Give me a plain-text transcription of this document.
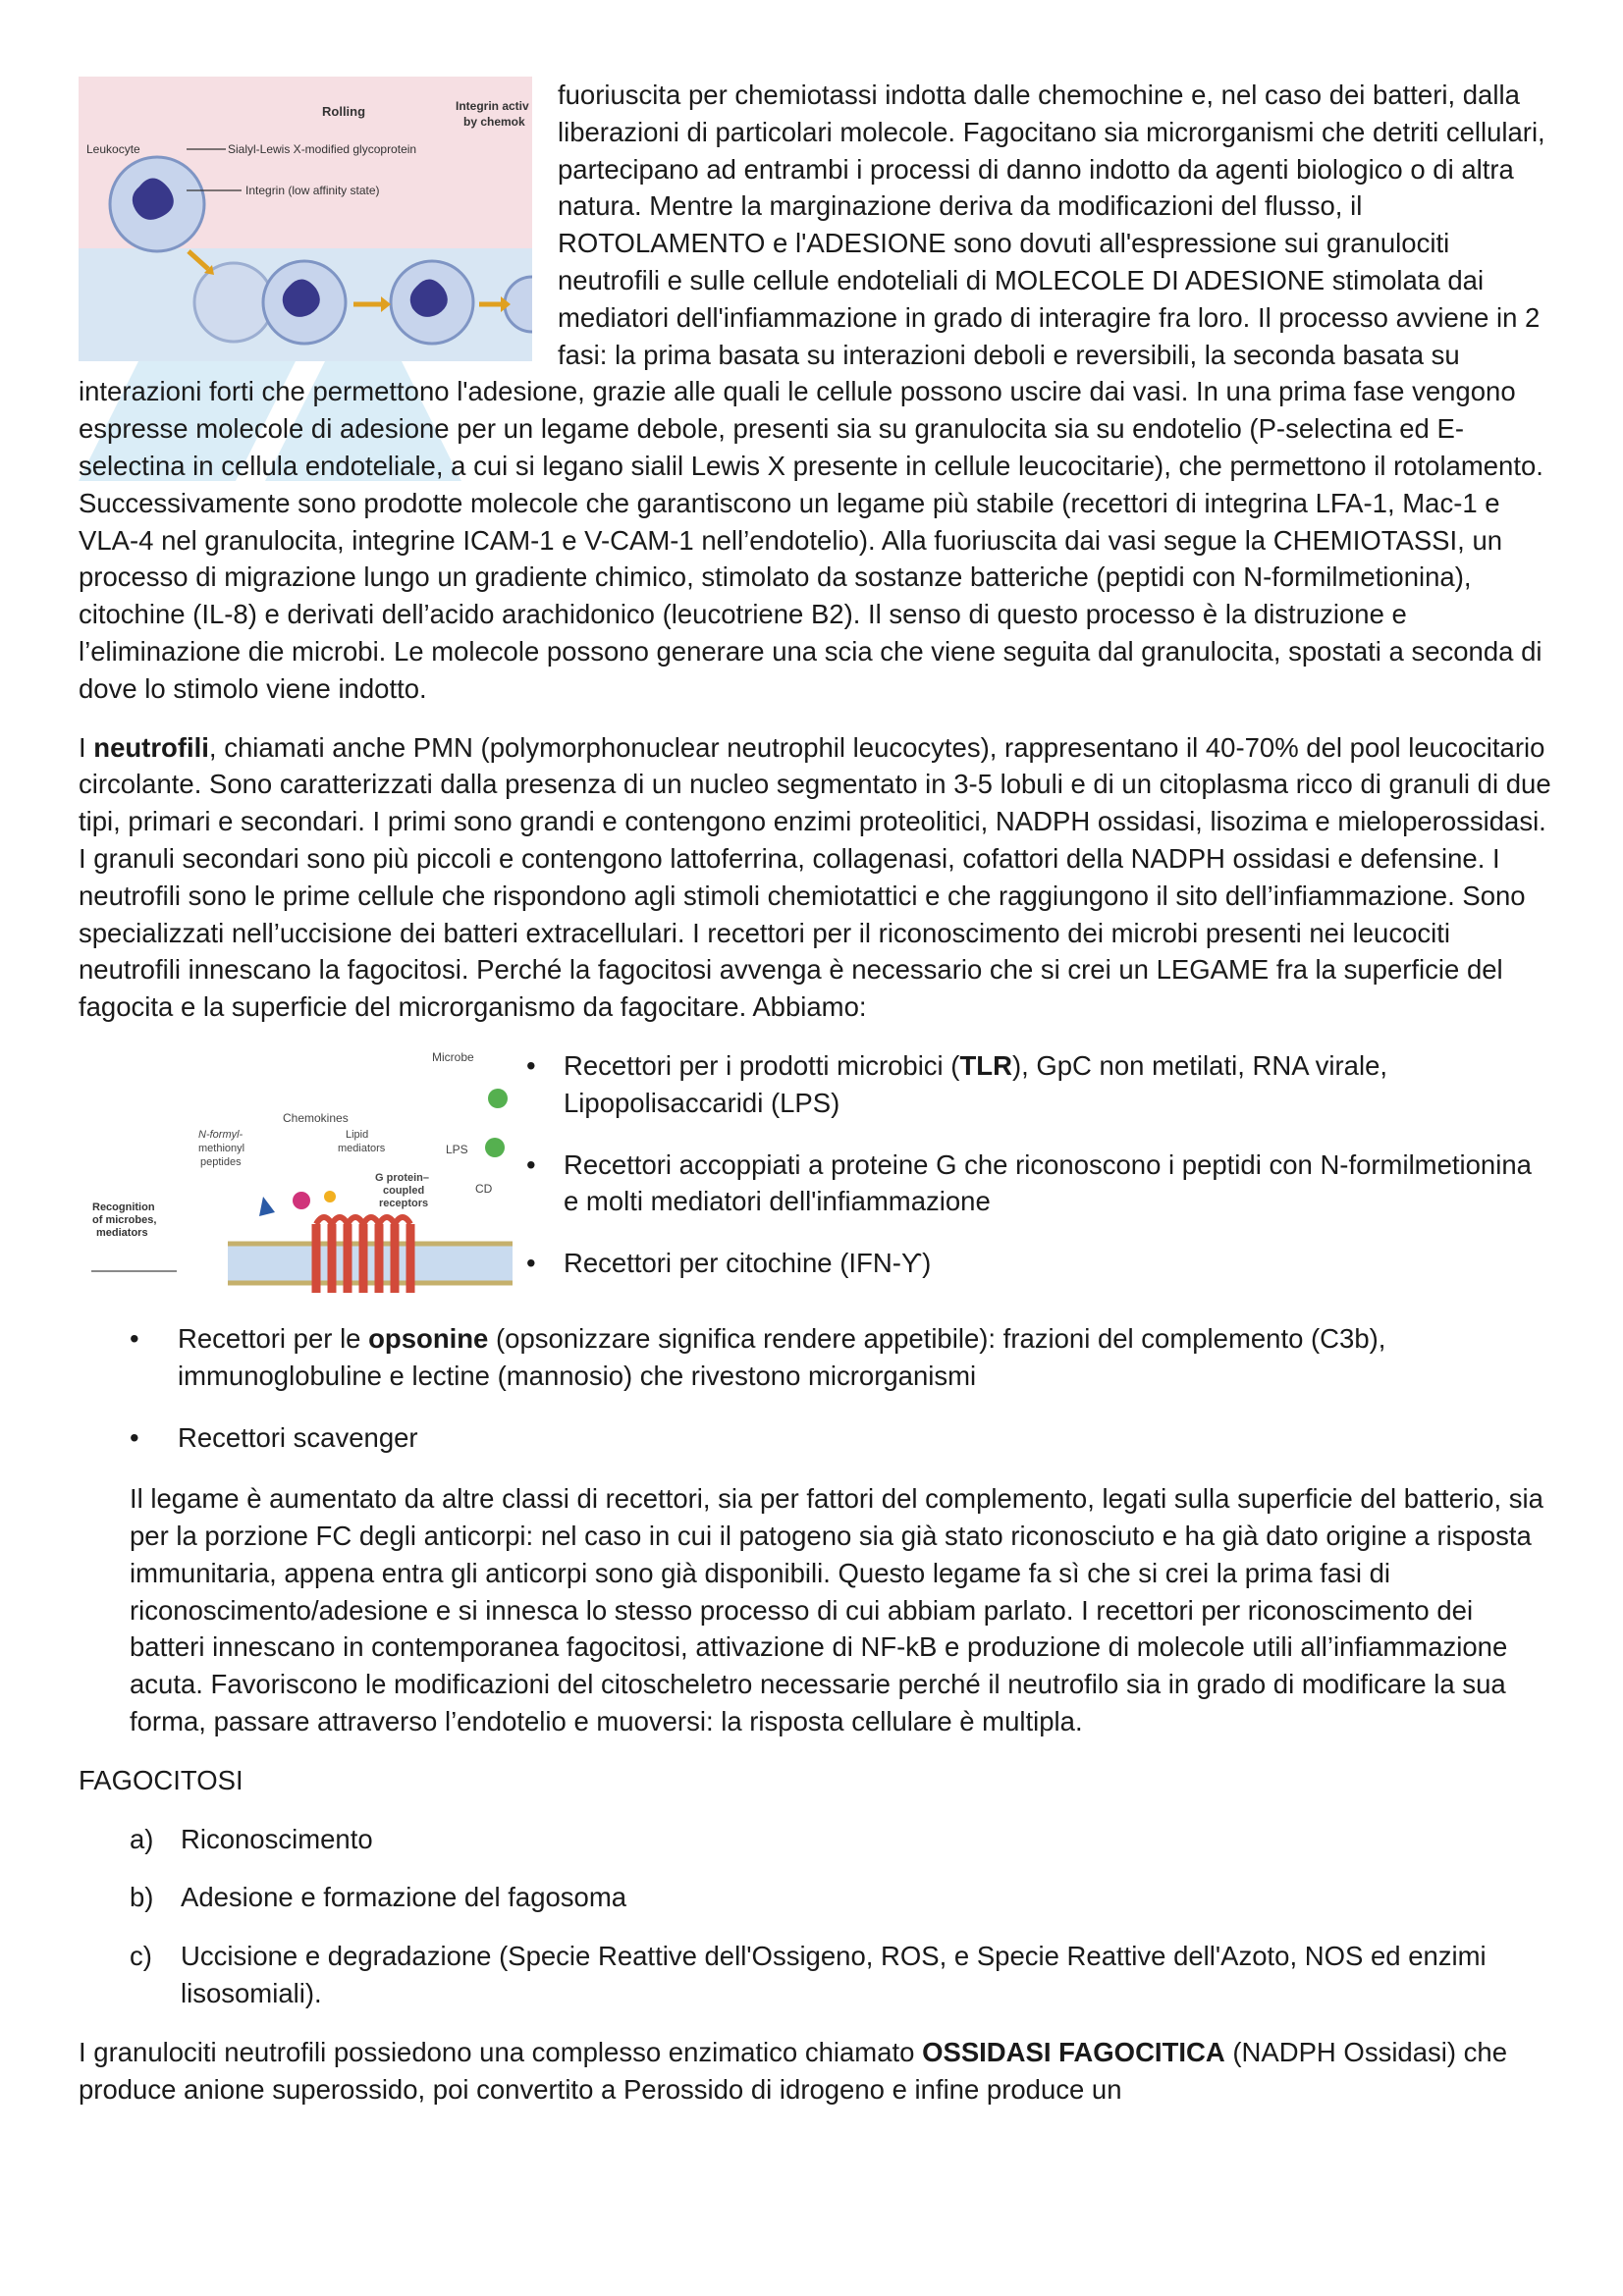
Rolling	Integrin activ
by chemok
Leukocyte	Sialyl-Lewis X-modified glycoprotein
Integrin (low affinity state)

fuoriuscita per chemiotassi indotta dalle chemochine e, nel caso dei batteri, dalla liberazioni di particolari molecole. Fagocitano sia microrganismi che detriti cellulari, partecipano ad entrambi i processi di danno indotto da agenti biologico o di altra natura. Mentre la marginazione deriva da modificazioni del flusso, il ROTOLAMENTO e l'ADESIONE sono dovuti all'espressione sui granulociti neutrofili e sulle cellule endoteliali di MOLECOLE DI ADESIONE stimolata dai mediatori dell'infiammazione in grado di interagire fra loro. Il processo avviene in 2 fasi: la prima basata su interazioni deboli e reversibili, la seconda basata su interazioni forti che permettono l'adesione, grazie alle quali le cellule possono uscire dai vasi. In una prima fase vengono espresse molecole di adesione per un legame debole, presenti sia su granulocita sia su endotelio (P-selectina ed E-selectina in cellula endoteliale, a cui si legano sialil Lewis X presente in cellule leucocitarie), che permettono il rotolamento. Successivamente sono prodotte molecole che garantiscono un legame più stabile (recettori di integrina LFA-1, Mac-1 e VLA-4 nel granulocita, integrine ICAM-1 e V-CAM-1 nell’endotelio). Alla fuoriuscita dai vasi segue la CHEMIOTASSI, un processo di migrazione lungo un gradiente chimico, stimolato da sostanze batteriche (peptidi con N-formilmetionina), citochine (IL-8) e derivati dell’acido arachidonico (leucotriene B2). Il senso di questo processo è la distruzione e l’eliminazione die microbi. Le molecole possono generare una scia che viene seguita dal granulocita, spostati a seconda di dove lo stimolo viene indotto.

I neutrofili, chiamati anche PMN (polymorphonuclear neutrophil leucocytes), rappresentano il 40-70% del pool leucocitario circolante. Sono caratterizzati dalla presenza di un nucleo segmentato in 3-5 lobuli e di un citoplasma ricco di granuli di due tipi, primari e secondari. I primi sono grandi e contengono enzimi proteolitici, NADPH ossidasi, lisozima e mieloperossidasi. I granuli secondari sono più piccoli e contengono lattoferrina, collagenasi, cofattori della NADPH ossidasi e defensine. I neutrofili sono le prime cellule che rispondono agli stimoli chemiotattici e che raggiungono il sito dell’infiammazione. Sono specializzati nell’uccisione dei batteri extracellulari. I recettori per il riconoscimento dei microbi presenti nei leucociti neutrofili innescano la fagocitosi. Perché la fagocitosi avvenga è necessario che si crei un LEGAME fra la superficie del fagocita e la superficie del microrganismo da fagocitare. Abbiamo:

Microbe
Chemokines
N-formyl-
methionyl
peptides
Lipid
mediators	LPS
CD
G protein–
coupled
receptors
Recognition
of microbes,
mediators
• Recettori per i prodotti microbici (TLR), GpC non metilati, RNA virale, Lipopolisaccaridi (LPS)
• Recettori accoppiati a proteine G che riconoscono i peptidi con N-formilmetionina e molti mediatori dell'infiammazione
• Recettori per citochine (IFN-ϒ)
• Recettori per le opsonine (opsonizzare significa rendere appetibile): frazioni del complemento (C3b), immunoglobuline e lectine (mannosio) che rivestono microrganismi
• Recettori scavenger

Il legame è aumentato da altre classi di recettori, sia per fattori del complemento, legati sulla superficie del batterio, sia per la porzione FC degli anticorpi: nel caso in cui il patogeno sia già stato riconosciuto e ha già dato origine a risposta immunitaria, appena entra gli anticorpi sono già disponibili. Questo legame fa sì che si crei la prima fasi di riconoscimento/adesione e si innesca lo stesso processo di cui abbiam parlato. I recettori per riconoscimento dei batteri innescano in contemporanea fagocitosi, attivazione di NF-kB e produzione di molecole utili all’infiammazione acuta. Favoriscono le modificazioni del citoscheletro necessarie perché il neutrofilo sia in grado di modificare la sua forma, passare attraverso l’endotelio e muoversi: la risposta cellulare è multipla.

FAGOCITOSI

a) Riconoscimento
b) Adesione e formazione del fagosoma
c) Uccisione e degradazione (Specie Reattive dell'Ossigeno, ROS, e Specie Reattive dell'Azoto, NOS ed enzimi lisosomiali).

I granulociti neutrofili possiedono una complesso enzimatico chiamato OSSIDASI FAGOCITICA (NADPH Ossidasi) che produce anione superossido, poi convertito a Perossido di idrogeno e infine produce un
